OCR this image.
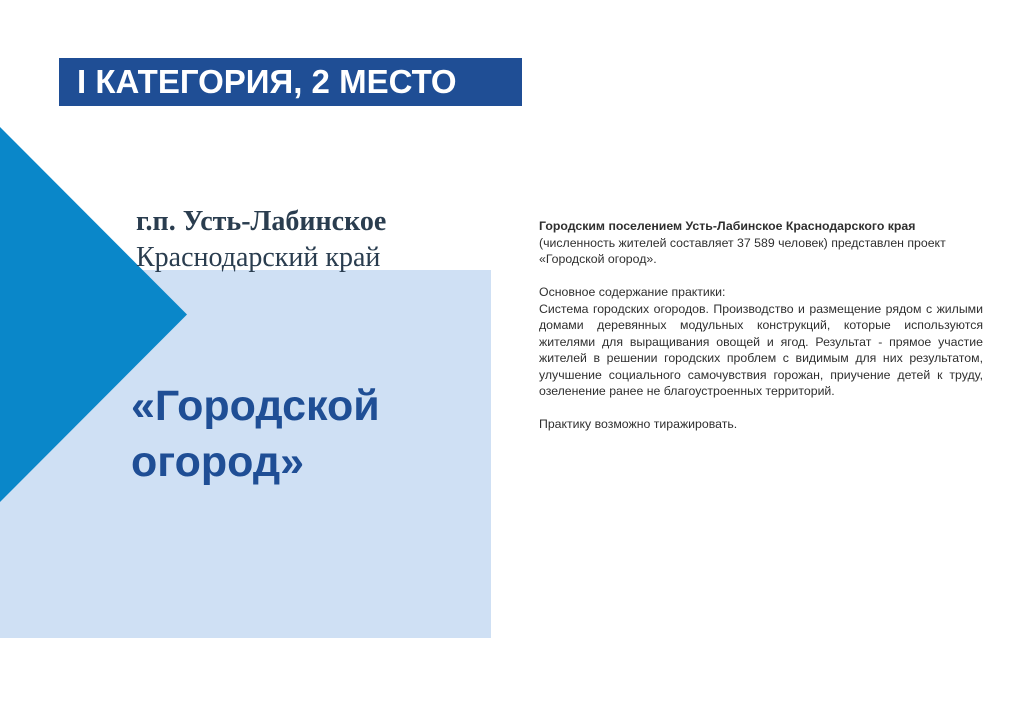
I КАТЕГОРИЯ, 2 МЕСТО
г.п. Усть-Лабинское
Краснодарский край
«Городской
огород»

Городским поселением Усть-Лабинское Краснодарского края (численность жителей составляет 37 589 человек) представлен проект «Городской огород».

Основное содержание практики:

Система городских огородов. Производство и размещение рядом с жилыми домами деревянных модульных конструкций, которые используются жителями для выращивания овощей и ягод. Результат - прямое участие жителей в решении городских проблем с видимым для них результатом, улучшение социального самочувствия горожан, приучение детей к труду, озеленение ранее не благоустроенных территорий.

Практику возможно тиражировать.
